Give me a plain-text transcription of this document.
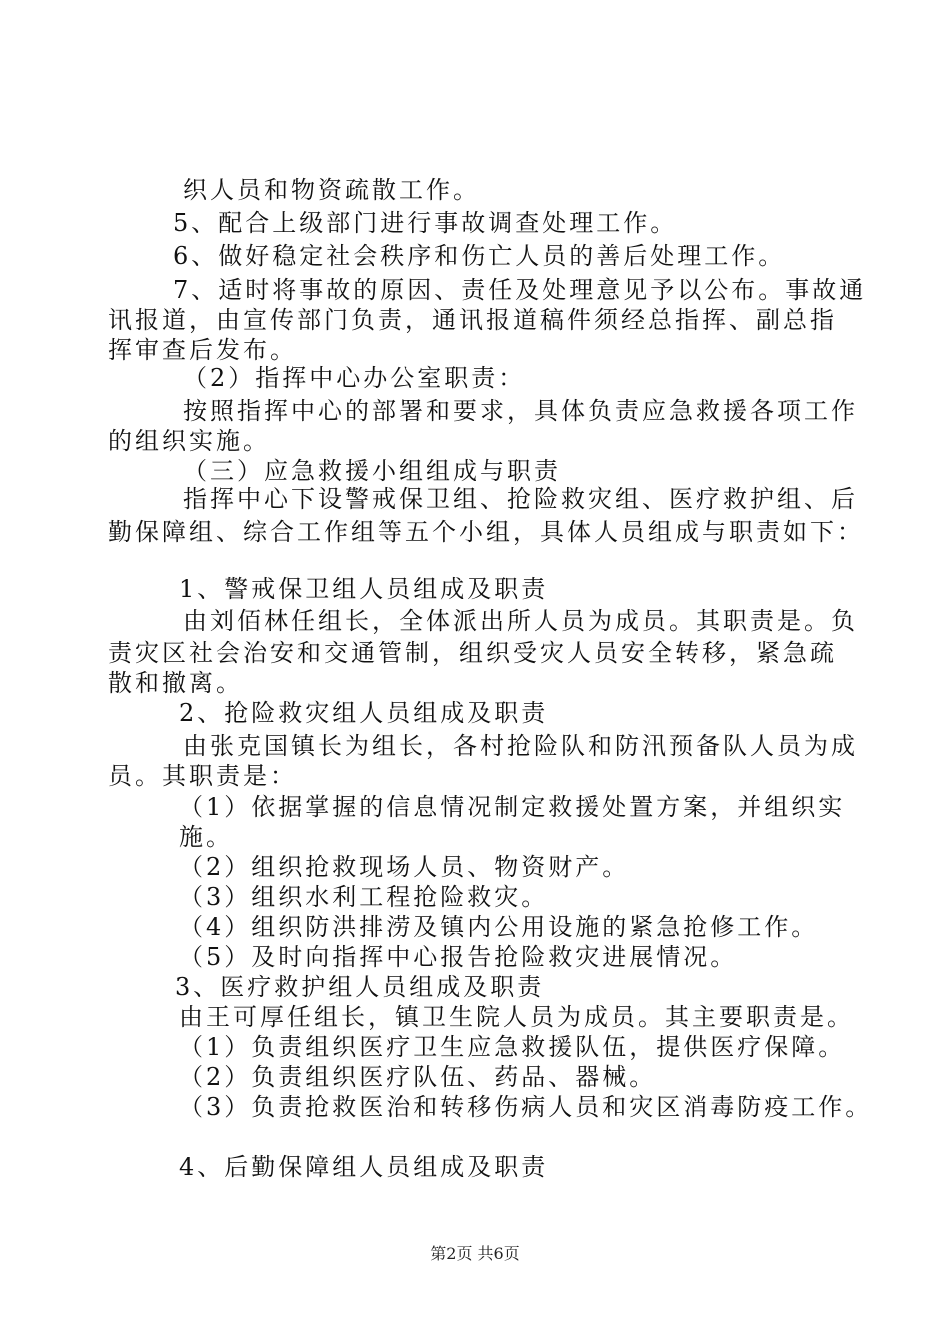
织人员和物资疏散工作。
5、配合上级部门进行事故调查处理工作。
6、做好稳定社会秩序和伤亡人员的善后处理工作。
7、适时将事故的原因、责任及处理意见予以公布。事故通
讯报道，由宣传部门负责，通讯报道稿件须经总指挥、副总指
挥审查后发布。
（2）指挥中心办公室职责：
按照指挥中心的部署和要求，具体负责应急救援各项工作
的组织实施。
（三）应急救援小组组成与职责
指挥中心下设警戒保卫组、抢险救灾组、医疗救护组、后
勤保障组、综合工作组等五个小组，具体人员组成与职责如下：
1、警戒保卫组人员组成及职责
由刘佰林任组长，全体派出所人员为成员。其职责是。负
责灾区社会治安和交通管制，组织受灾人员安全转移，紧急疏
散和撤离。
2、抢险救灾组人员组成及职责
由张克国镇长为组长，各村抢险队和防汛预备队人员为成
员。其职责是：
（1）依据掌握的信息情况制定救援处置方案，并组织实
施。
（2）组织抢救现场人员、物资财产。
（3）组织水利工程抢险救灾。
（4）组织防洪排涝及镇内公用设施的紧急抢修工作。
（5）及时向指挥中心报告抢险救灾进展情况。
3、医疗救护组人员组成及职责
由王可厚任组长，镇卫生院人员为成员。其主要职责是。
（1）负责组织医疗卫生应急救援队伍，提供医疗保障。
（2）负责组织医疗队伍、药品、器械。
（3）负责抢救医治和转移伤病人员和灾区消毒防疫工作。
4、后勤保障组人员组成及职责
第2页 共6页
